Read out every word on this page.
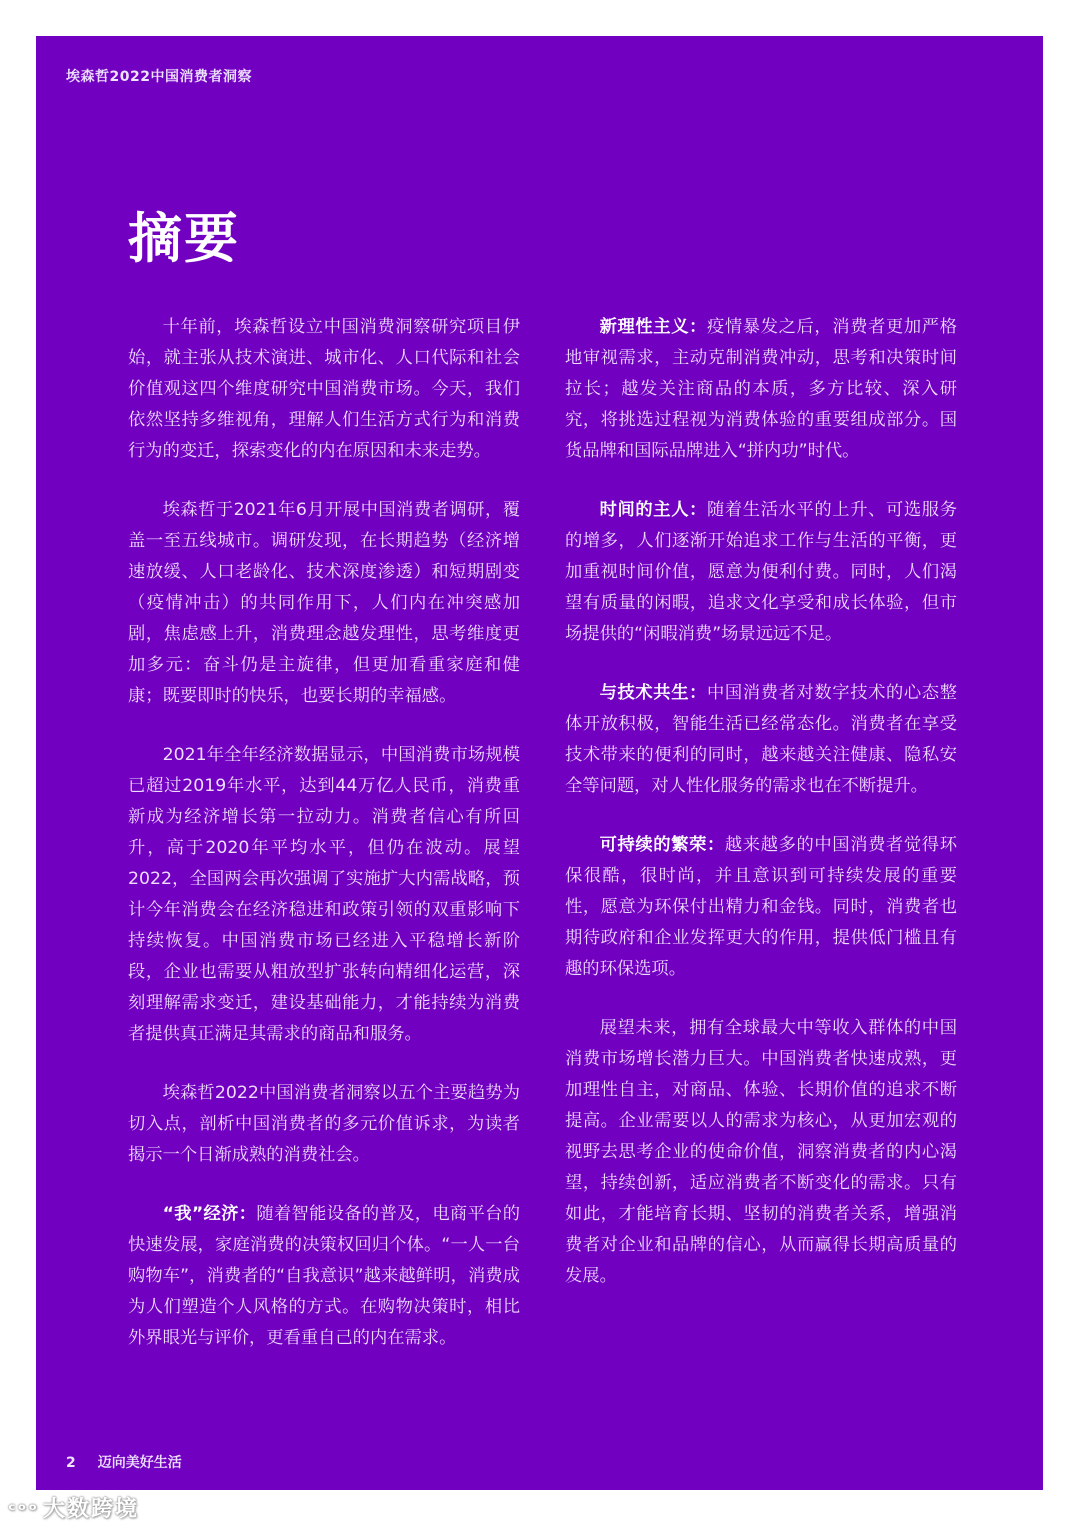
埃森哲2022中国消费者洞察
摘要

十年前，埃森哲设立中国消费洞察研究项目伊始，就主张从技术演进、城市化、人口代际和社会价值观这四个维度研究中国消费市场。今天，我们依然坚持多维视角，理解人们生活方式行为和消费行为的变迁，探索变化的内在原因和未来走势。

埃森哲于2021年6月开展中国消费者调研，覆盖一至五线城市。调研发现，在长期趋势（经济增速放缓、人口老龄化、技术深度渗透）和短期剧变（疫情冲击）的共同作用下，人们内在冲突感加剧，焦虑感上升，消费理念越发理性，思考维度更加多元：奋斗仍是主旋律，但更加看重家庭和健康；既要即时的快乐，也要长期的幸福感。

2021年全年经济数据显示，中国消费市场规模已超过2019年水平，达到44万亿人民币，消费重新成为经济增长第一拉动力。消费者信心有所回升，高于2020年平均水平，但仍在波动。展望2022，全国两会再次强调了实施扩大内需战略，预计今年消费会在经济稳进和政策引领的双重影响下持续恢复。中国消费市场已经进入平稳增长新阶段，企业也需要从粗放型扩张转向精细化运营，深刻理解需求变迁，建设基础能力，才能持续为消费者提供真正满足其需求的商品和服务。

埃森哲2022中国消费者洞察以五个主要趋势为切入点，剖析中国消费者的多元价值诉求，为读者揭示一个日渐成熟的消费社会。

“我”经济：随着智能设备的普及，电商平台的快速发展，家庭消费的决策权回归个体。“一人一台购物车”，消费者的“自我意识”越来越鲜明，消费成为人们塑造个人风格的方式。在购物决策时，相比外界眼光与评价，更看重自己的内在需求。

新理性主义：疫情暴发之后，消费者更加严格地审视需求，主动克制消费冲动，思考和决策时间拉长；越发关注商品的本质，多方比较、深入研究，将挑选过程视为消费体验的重要组成部分。国货品牌和国际品牌进入“拼内功”时代。

时间的主人：随着生活水平的上升、可选服务的增多，人们逐渐开始追求工作与生活的平衡，更加重视时间价值，愿意为便利付费。同时，人们渴望有质量的闲暇，追求文化享受和成长体验，但市场提供的“闲暇消费”场景远远不足。

与技术共生：中国消费者对数字技术的心态整体开放积极，智能生活已经常态化。消费者在享受技术带来的便利的同时，越来越关注健康、隐私安全等问题，对人性化服务的需求也在不断提升。

可持续的繁荣：越来越多的中国消费者觉得环保很酷，很时尚，并且意识到可持续发展的重要性，愿意为环保付出精力和金钱。同时，消费者也期待政府和企业发挥更大的作用，提供低门槛且有趣的环保选项。

展望未来，拥有全球最大中等收入群体的中国消费市场增长潜力巨大。中国消费者快速成熟，更加理性自主，对商品、体验、长期价值的追求不断提高。企业需要以人的需求为核心，从更加宏观的视野去思考企业的使命价值，洞察消费者的内心渴望，持续创新，适应消费者不断变化的需求。只有如此，才能培育长期、坚韧的消费者关系，增强消费者对企业和品牌的信心，从而赢得长期高质量的发展。

2 迈向美好生活
ᶜᵒᵒ 大数跨境
